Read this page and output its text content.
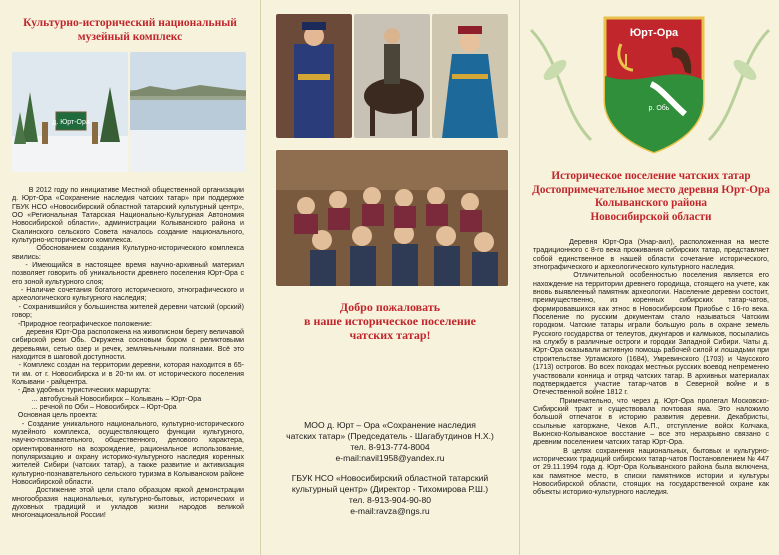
Культурно-исторический национальный
музейный комплекс
д. Юрт-Ора
В 2012 году по инициативе Местной общественной организации д. Юрт-Ора «Сохранение наследия чатских татар» при поддержке ГБУК НСО «Новосибирский областной татарский культурный центр», ОО «Региональная Татарская Национально-Культурная Автономия Новосибирской области», администрации Колыванского района и Скалинского сельского Совета началось создание национального, культурно-исторического комплекса.
Обоснованием создания Культурно-исторического комплекса явились:
- Имеющийся в настоящее время научно-архивный материал позволяет говорить об уникальности древнего поселения Юрт-Ора с его зоной культурного слоя;
- Наличие сочетания богатого исторического, этнографического и археологического культурного наследия;
- Сохранившийся у большинства жителей деревни чатский (орский) говор;
-Природное географическое положение:
деревня Юрт-Ора расположена на живописном берегу величавой сибирской реки Обь. Окружена сосновым бором с реликтовыми деревьями, сетью озер и речек, землянычными полянами. Всё это находится в шаговой доступности.
- Комплекс создан на территории деревни, которая находится в 65-ти км. от г. Новосибирска и в 20-ти км. от исторического поселения Колывани - райцентра.
- Два удобных туристических маршрута:
... автобусный Новосибирск – Колывань – Юрт-Ора
... речной по Оби – Новосибирск – Юрт-Ора
Основная цель проекта:
- Создание уникального национального, культурно-исторического музейного комплекса, осуществляющего функции культурного, научно-познавательного, общественного, делового характера, ориентированного на возрождение, рациональное использование, популяризацию и охрану историко-культурного наследия коренных жителей Сибири (чатских татар), а также развитие и активизация культурно-познавательного сельского туризма в Колыванском районе Новосибирской области.
Достижение этой цели стало образцом яркой демонстрации многообразия национальных, культурно-бытовых, исторических и духовных традиций и укладов жизни народов великой многонациональной России!
Добро пожаловать
в наше историческое поселение
чатских татар!
МОО д. Юрт – Ора «Сохранение наследия
чатских татар» (Председатель - Шагабутдинов Н.Х.)
тел. 8-913-774-8004
e-mail:navil1958@yandex.ru
ГБУК НСО «Новосибирский областной татарский
культурный центр» (Директор - Тихомирова Р.Ш.)
тел. 8-913-904-90-80
e-mail:ravza@ngs.ru
Юрт-Ора
р. Обь
Историческое поселение чатских татар
Достопримечательное место деревня Юрт-Ора
Колыванского района
Новосибирской области
Деревня Юрт-Ора (Унар-аил), расположенная на месте традиционного с 8-го века проживания сибирских татар, представляет собой единственное в нашей области сочетание исторического, этнографического и археологического культурного наследия.
Отличительной особенностью поселения является его нахождение на территории древнего городища, стоящего на учете, как вновь выявленный памятник археологии. Население деревни состоит, преимущественно, из коренных сибирских татар-чатов, формировавшихся как этнос в Новосибирском Приобье с 16-го века. Поселение по русским документам стало называться Чатским городком. Чатские татары играли большую роль в охране земель Русского государства от телеутов, джунгаров и калмыков, посылались на службу в различные остроги и городки Западной Сибири. Чаты д. Юрт-Ора оказывали активную помощь рабочей силой и лошадьми при строительстве Уртамского (1684), Умревинского (1703) и Чаусского (1713) острогов. Во всех походах местных русских воевод непременно участвовали конница и отряд чатских татар. В архивных материалах подтверждается участие татар-чатов в Северной войне и в Отечественной войне 1812 г.
Примечательно, что через д. Юрт-Ора пролегал Московско-Сибирский тракт и существовала почтовая яма. Это наложило большой отпечаток в историю развития деревни. Декабристы, ссыльные каторжане, Чехов А.П., отступление войск Колчака, Вьюнско-Колыванское восстание – все это неразрывно связано с древним поселением чатских татар Юрт-Ора.
В целях сохранения национальных, бытовых и культурно-исторических традиций сибирских татар-чатов Постановлением № 447 от 29.11.1994 года д. Юрт-Ора Колыванского района была включена, как памятное место, в списки памятников истории и культуры Новосибирской области, стоящих на государственной охране как объекты историко-культурного наследия.
